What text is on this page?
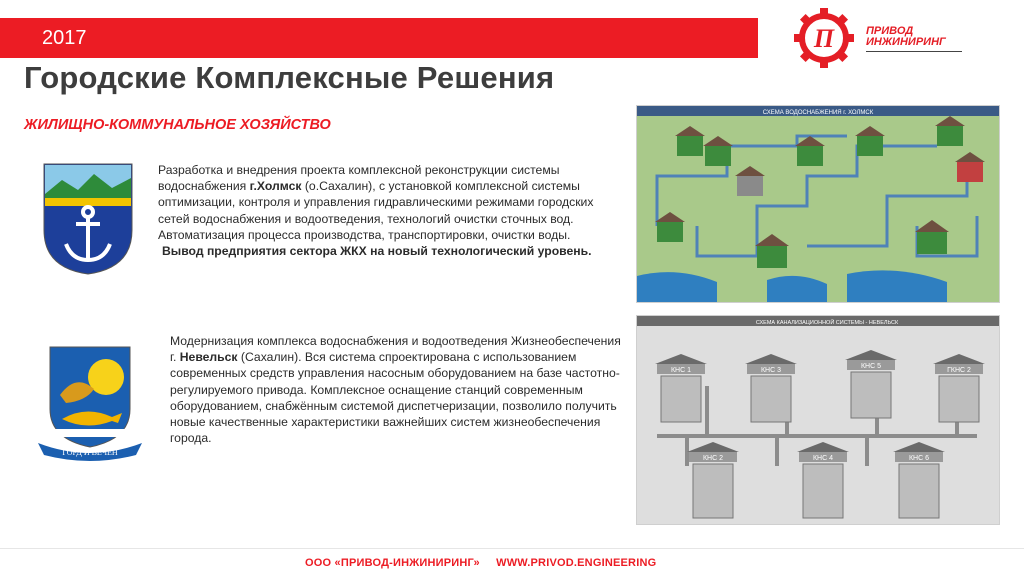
2017	П	ПРИВОД
ИНЖИНИРИНГ
Городские Комплексные Решения
ЖИЛИЩНО-КОММУНАЛЬНОЕ ХОЗЯЙСТВО
ГОРД И ВЕЧЕН
Разработка и внедрения проекта комплексной реконструкции системы водоснабжения г.Холмск (о.Сахалин), с установкой комплексной системы оптимизации, контроля и управления гидравлическими режимами городских сетей водоснабжения и водоотведения, технологий очистки сточных вод. Автоматизация процесса производства, транспортировки, очистки воды.
Вывод предприятия сектора ЖКХ на новый технологический уровень.
Модернизация комплекса водоснабжения и водоотведения Жизнеобеспечения г. Невельск (Сахалин). Вся система спроектирована с использованием современных средств управления насосным оборудованием на базе частотно-регулируемого привода. Комплексное оснащение станций современным оборудованием, снабжённым системой диспетчеризации, позволило получить новые качественные характеристики важнейших систем жизнеобеспечения города.
СХЕМА ВОДОСНАБЖЕНИЯ г. ХОЛМСК
СХЕМА КАНАЛИЗАЦИОННОЙ СИСТЕМЫ - НЕВЕЛЬСК
КНС 1	КНС 3
КНС 5
ГКНС 2
КНС 2	КНС 4	КНС 6
ООО «ПРИВОД-ИНЖИНИРИНГ»     WWW.PRIVOD.ENGINEERING
